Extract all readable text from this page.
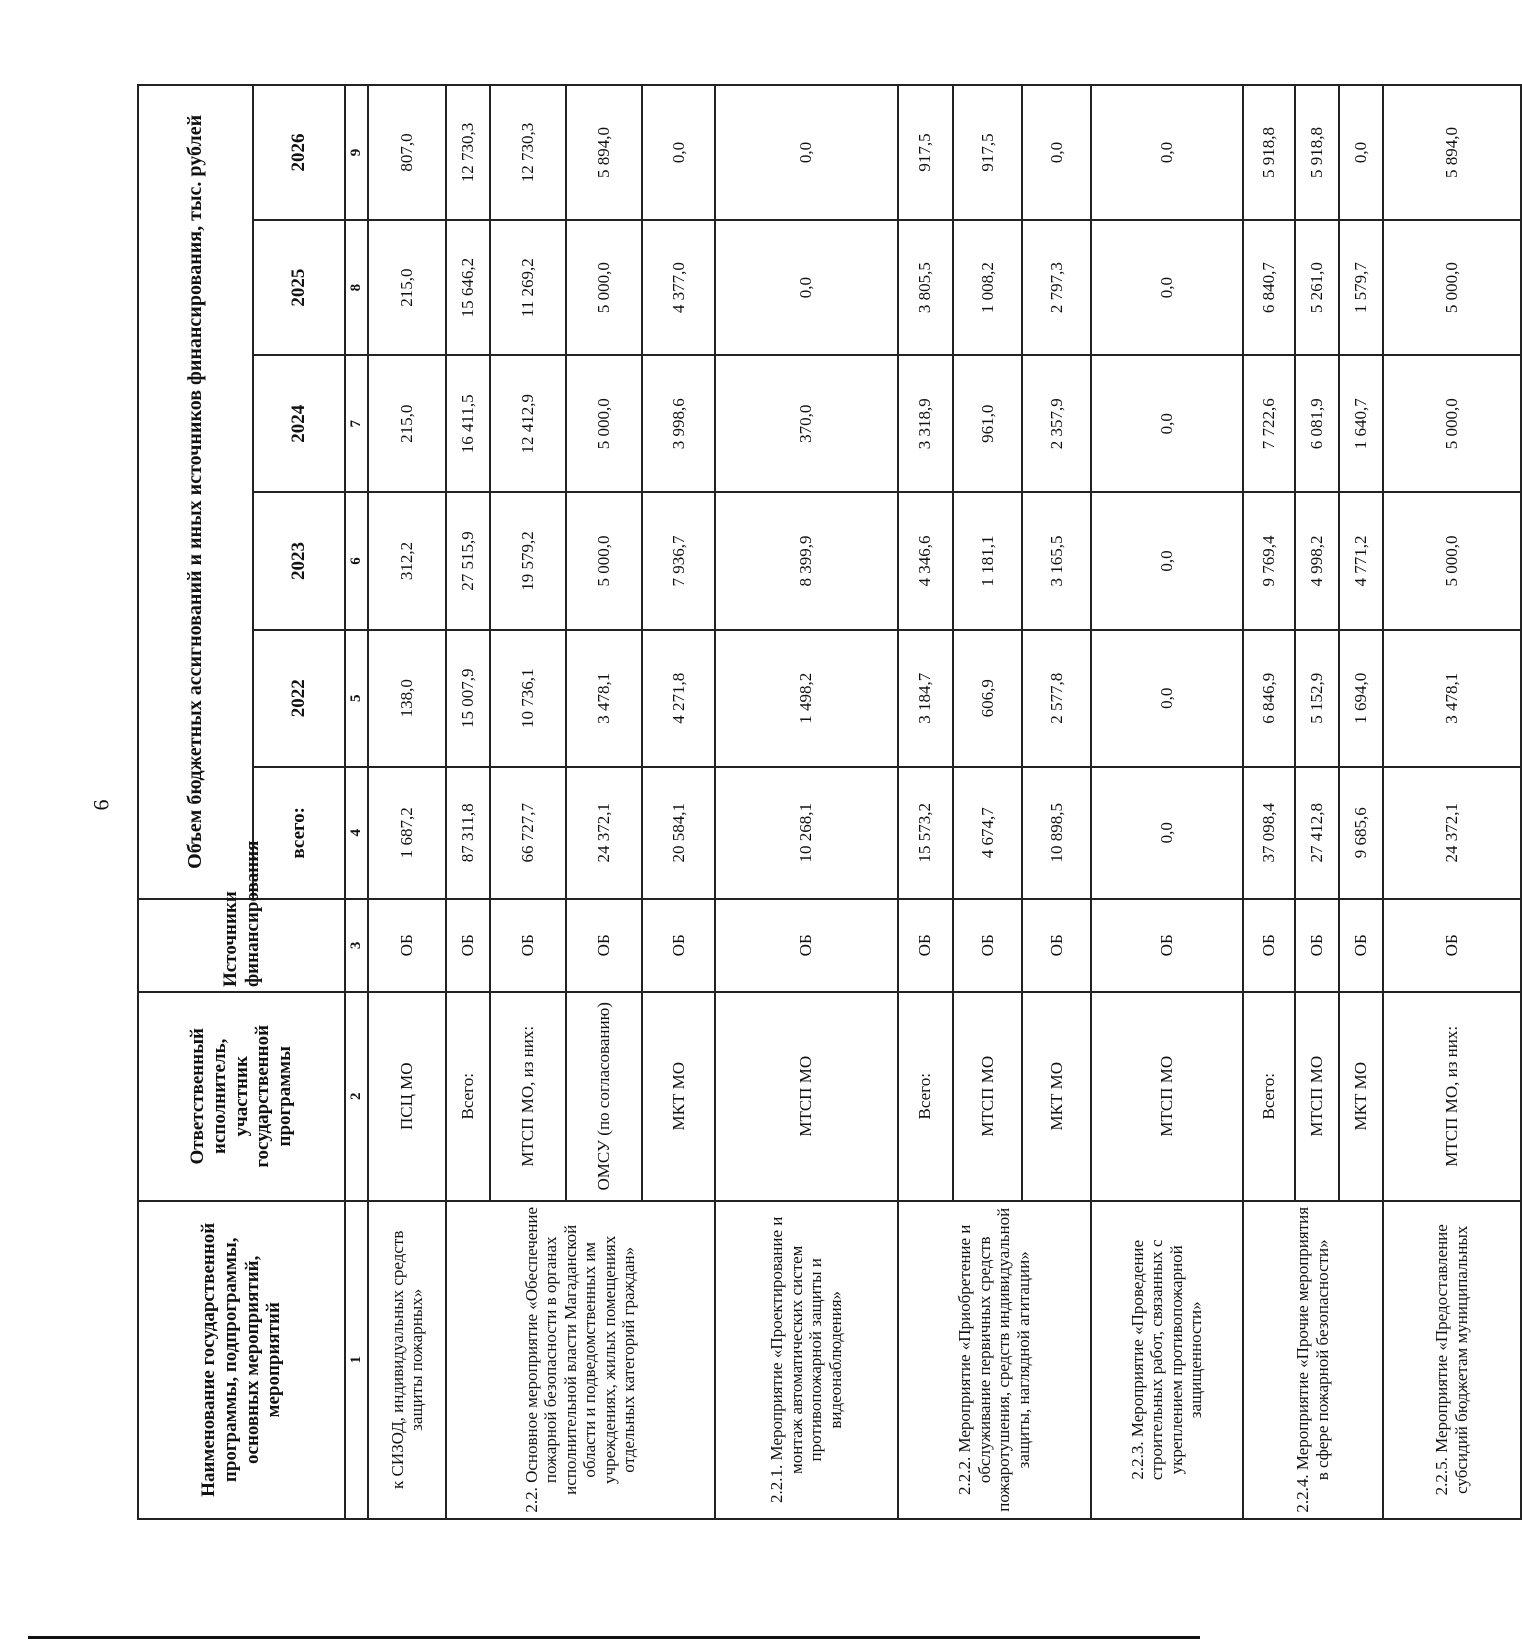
6
Наименование государственной программы, подпрограммы, основных мероприятий, мероприятий	Ответственный исполнитель, участник государственной программы	Источники финансирования	Объем бюджетных ассигнований и иных источников финансирования, тыс. рублей					
			всего:	2022	2023	2024	2025	2026
1	2	3	4	5	6	7	8	9
к СИЗОД, индивидуальных средств защиты пожарных»	ПСЦ МО	ОБ	1 687,2	138,0	312,2	215,0	215,0	807,0
2.2. Основное мероприятие «Обеспечение пожарной безопасности в органах исполнительной власти Магаданской области и подведомственных им учреждениях, жилых помещениях отдельных категорий граждан»	Всего:	ОБ	87 311,8	15 007,9	27 515,9	16 411,5	15 646,2	12 730,3
	МТСП МО, из них:	ОБ	66 727,7	10 736,1	19 579,2	12 412,9	11 269,2	12 730,3
	ОМСУ (по согласованию)	ОБ	24 372,1	3 478,1	5 000,0	5 000,0	5 000,0	5 894,0
	МКТ МО	ОБ	20 584,1	4 271,8	7 936,7	3 998,6	4 377,0	0,0
2.2.1. Мероприятие «Проектирование и монтаж автоматических систем противопожарной защиты и видеонаблюдения»	МТСП МО	ОБ	10 268,1	1 498,2	8 399,9	370,0	0,0	0,0
2.2.2. Мероприятие «Приобретение и обслуживание первичных средств пожаротушения, средств индивидуальной защиты, наглядной агитации»	Всего:	ОБ	15 573,2	3 184,7	4 346,6	3 318,9	3 805,5	917,5
	МТСП МО	ОБ	4 674,7	606,9	1 181,1	961,0	1 008,2	917,5
	МКТ МО	ОБ	10 898,5	2 577,8	3 165,5	2 357,9	2 797,3	0,0
2.2.3. Мероприятие «Проведение строительных работ, связанных с укреплением противопожарной защищенности»	МТСП МО	ОБ	0,0	0,0	0,0	0,0	0,0	0,0
2.2.4. Мероприятие «Прочие мероприятия в сфере пожарной безопасности»	Всего:	ОБ	37 098,4	6 846,9	9 769,4	7 722,6	6 840,7	5 918,8
	МТСП МО	ОБ	27 412,8	5 152,9	4 998,2	6 081,9	5 261,0	5 918,8
	МКТ МО	ОБ	9 685,6	1 694,0	4 771,2	1 640,7	1 579,7	0,0
2.2.5. Мероприятие «Предоставление субсидий бюджетам муниципальных	МТСП МО, из них:	ОБ	24 372,1	3 478,1	5 000,0	5 000,0	5 000,0	5 894,0
